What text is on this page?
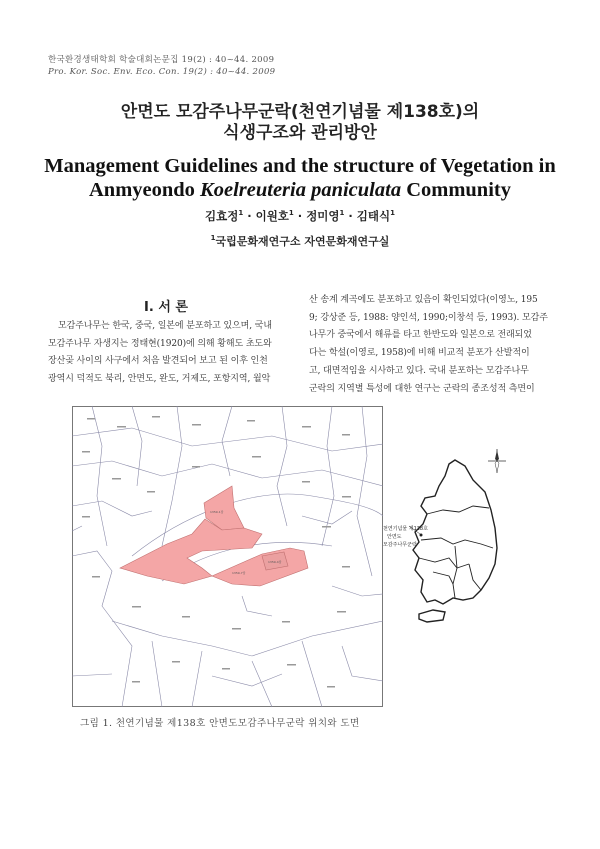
한국환경생태학회 학술대회논문집 19(2) : 40~44. 2009
Pro. Kor. Soc. Env. Eco. Con. 19(2) : 40~44. 2009
안면도 모감주나무군락(천연기념물 제138호)의
식생구조와 관리방안
Management Guidelines and the structure of Vegetation in
Anmyeondo Koelreuteria paniculata Community
김효정$^1$ · 이원호$^1$ · 정미영$^1$ · 김태식$^1$
$^1$국립문화재연구소 자연문화재연구실
Ⅰ. 서 론

모감주나무는 한국, 중국, 일본에 분포하고 있으며, 국내

모감주나무 자생지는 정태현(1920)에 의해 황해도 초도와

장산곶 사이의 사구에서 처음 발견되어 보고 된 이후 인천

광역시 덕적도 북리, 안면도, 완도, 거제도, 포항지역, 월악

산 송계 계곡에도 분포하고 있음이 확인되었다(이영노, 195

9; 강상준 등, 1988: 양인석, 1990;이창석 등, 1993). 모감주

나무가 중국에서 해류를 타고 한반도와 일본으로 전래되었

다는 학설(이영로, 1958)에 비해 비교적 분포가 산발적이

고, 대면적임을 시사하고 있다. 국내 분포하는 모감주나무

군락의 지역별 특성에 대한 연구는 군락의 종조성적 측면이

1359-1답
1359-7답
1359-4답
천연기념물 제138호
안면도
모감주나무군락
그림 1. 천연기념물 제138호 안면도모감주나무군락 위치와 도면
